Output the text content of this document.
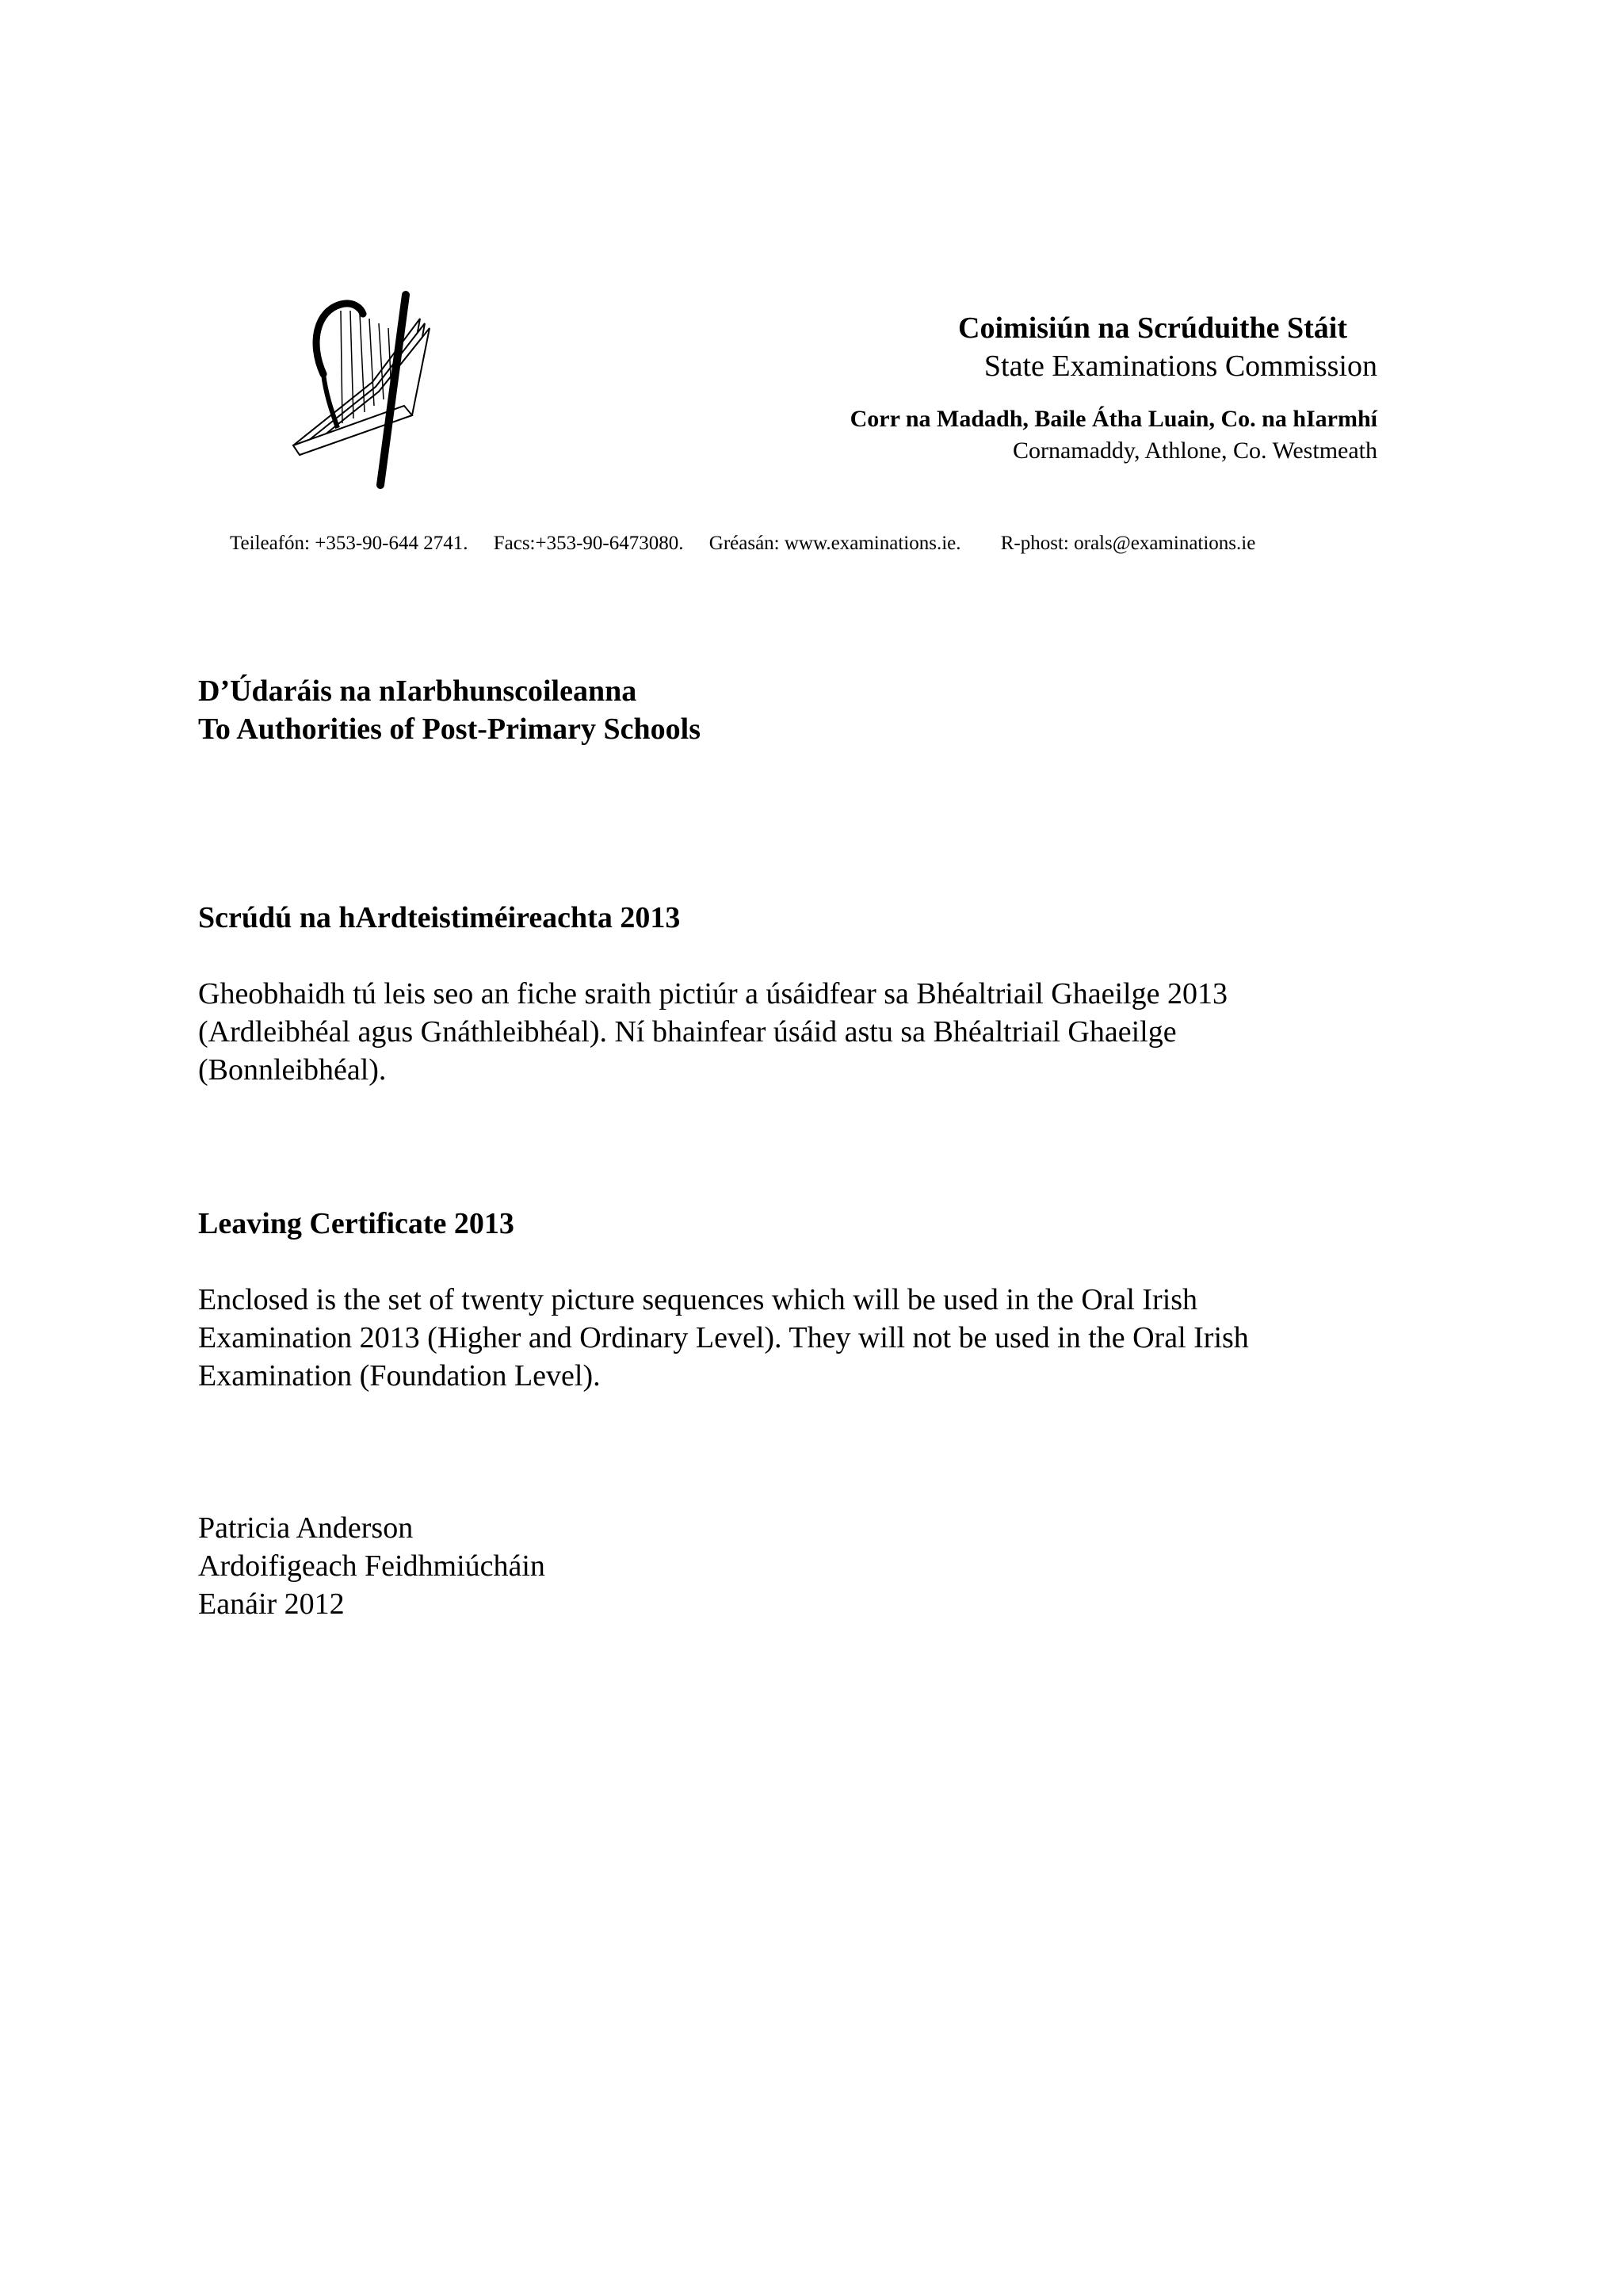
Coimisiún na Scrúduithe Stáit
State Examinations Commission
Corr na Madadh, Baile Átha Luain, Co. na hIarmhí
Cornamaddy, Athlone, Co. Westmeath
Teileafón: +353-90-644 2741. Facs:+353-90-6473080. Gréasán: www.examinations.ie. R-phost: orals@examinations.ie
D’Údaráis na nIarbhunscoileanna
To Authorities of Post-Primary Schools
Scrúdú na hArdteistiméireachta 2013
Gheobhaidh tú leis seo an fiche sraith pictiúr a úsáidfear sa Bhéaltriail Ghaeilge 2013
(Ardleibhéal agus Gnáthleibhéal). Ní bhainfear úsáid astu sa Bhéaltriail Ghaeilge
(Bonnleibhéal).
Leaving Certificate 2013
Enclosed is the set of twenty picture sequences which will be used in the Oral Irish
Examination 2013 (Higher and Ordinary Level). They will not be used in the Oral Irish
Examination (Foundation Level).
Patricia Anderson
Ardoifigeach Feidhmiúcháin
Eanáir 2012
